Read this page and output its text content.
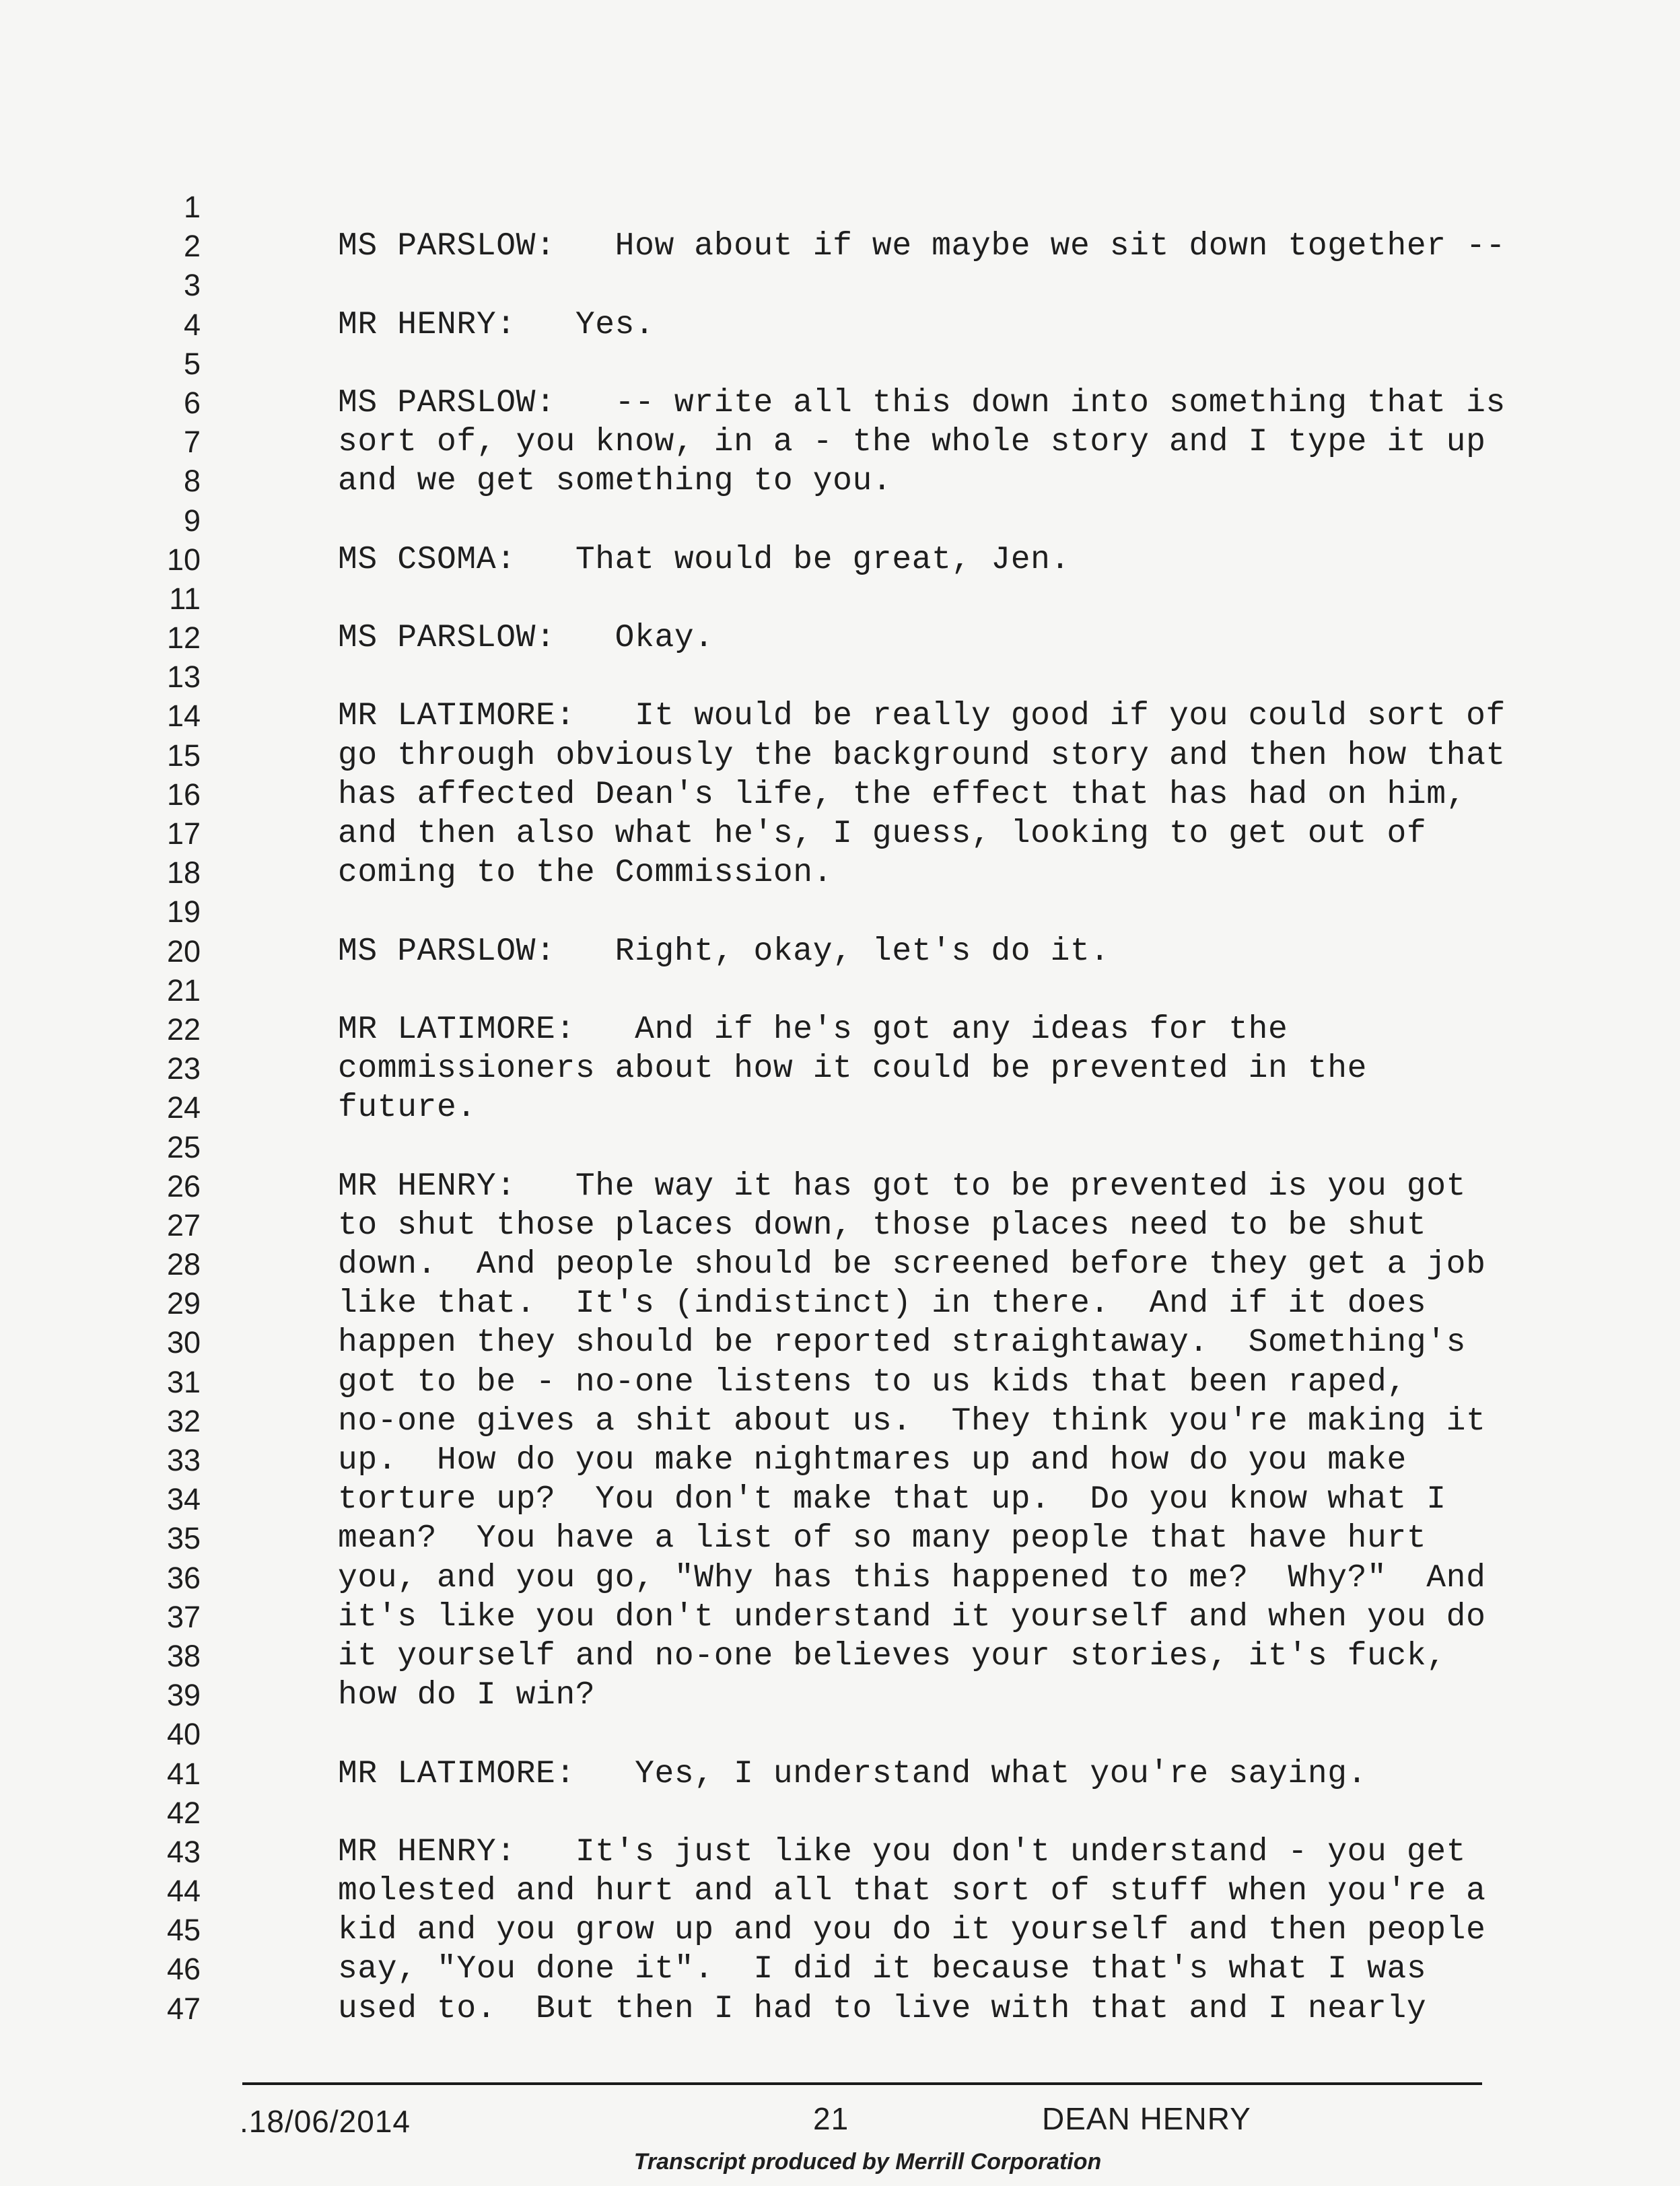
1
2	MS PARSLOW:   How about if we maybe we sit down together --
3
4	MR HENRY:   Yes.
5
6	MS PARSLOW:   -- write all this down into something that is
7	sort of, you know, in a - the whole story and I type it up
8	and we get something to you.
9
10	MS CSOMA:   That would be great, Jen.
11
12	MS PARSLOW:   Okay.
13
14	MR LATIMORE:   It would be really good if you could sort of
15	go through obviously the background story and then how that
16	has affected Dean's life, the effect that has had on him,
17	and then also what he's, I guess, looking to get out of
18	coming to the Commission.
19
20	MS PARSLOW:   Right, okay, let's do it.
21
22	MR LATIMORE:   And if he's got any ideas for the
23	commissioners about how it could be prevented in the
24	future.
25
26	MR HENRY:   The way it has got to be prevented is you got
27	to shut those places down, those places need to be shut
28	down.  And people should be screened before they get a job
29	like that.  It's (indistinct) in there.  And if it does
30	happen they should be reported straightaway.  Something's
31	got to be - no-one listens to us kids that been raped,
32	no-one gives a shit about us.  They think you're making it
33	up.  How do you make nightmares up and how do you make
34	torture up?  You don't make that up.  Do you know what I
35	mean?  You have a list of so many people that have hurt
36	you, and you go, "Why has this happened to me?  Why?"  And
37	it's like you don't understand it yourself and when you do
38	it yourself and no-one believes your stories, it's fuck,
39	how do I win?
40
41	MR LATIMORE:   Yes, I understand what you're saying.
42
43	MR HENRY:   It's just like you don't understand - you get
44	molested and hurt and all that sort of stuff when you're a
45	kid and you grow up and you do it yourself and then people
46	say, "You done it".  I did it because that's what I was
47	used to.  But then I had to live with that and I nearly
.18/06/2014	21	DEAN HENRY
Transcript produced by Merrill Corporation
